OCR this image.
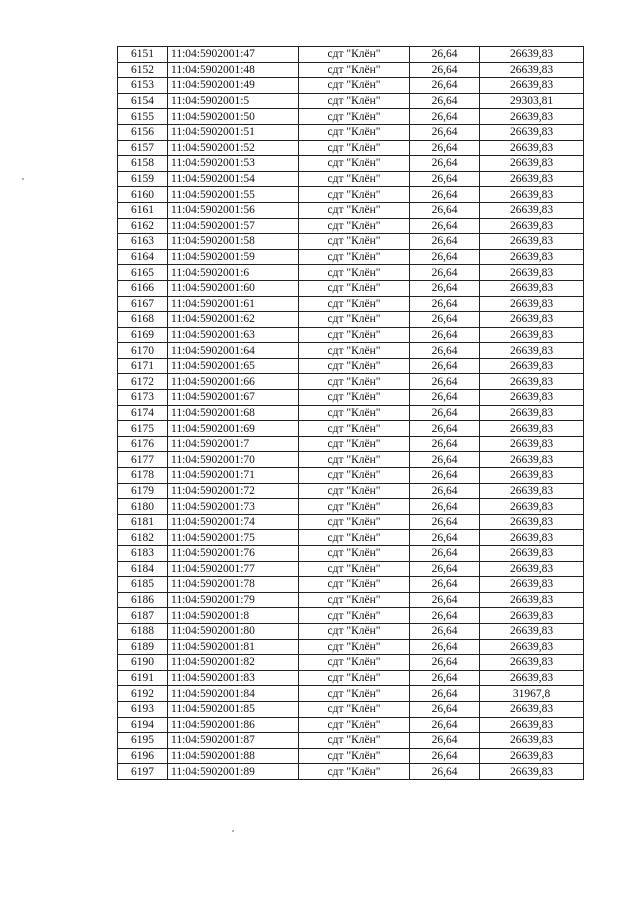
6151	11:04:5902001:47	сдт "Клён"	26,64	26639,83
6152	11:04:5902001:48	сдт "Клён"	26,64	26639,83
6153	11:04:5902001:49	сдт "Клён"	26,64	26639,83
6154	11:04:5902001:5	сдт "Клён"	26,64	29303,81
6155	11:04:5902001:50	сдт "Клён"	26,64	26639,83
6156	11:04:5902001:51	сдт "Клён"	26,64	26639,83
6157	11:04:5902001:52	сдт "Клён"	26,64	26639,83
6158	11:04:5902001:53	сдт "Клён"	26,64	26639,83
6159	11:04:5902001:54	сдт "Клён"	26,64	26639,83
6160	11:04:5902001:55	сдт "Клён"	26,64	26639,83
6161	11:04:5902001:56	сдт "Клён"	26,64	26639,83
6162	11:04:5902001:57	сдт "Клён"	26,64	26639,83
6163	11:04:5902001:58	сдт "Клён"	26,64	26639,83
6164	11:04:5902001:59	сдт "Клён"	26,64	26639,83
6165	11:04:5902001:6	сдт "Клён"	26,64	26639,83
6166	11:04:5902001:60	сдт "Клён"	26,64	26639,83
6167	11:04:5902001:61	сдт "Клён"	26,64	26639,83
6168	11:04:5902001:62	сдт "Клён"	26,64	26639,83
6169	11:04:5902001:63	сдт "Клён"	26,64	26639,83
6170	11:04:5902001:64	сдт "Клён"	26,64	26639,83
6171	11:04:5902001:65	сдт "Клён"	26,64	26639,83
6172	11:04:5902001:66	сдт "Клён"	26,64	26639,83
6173	11:04:5902001:67	сдт "Клён"	26,64	26639,83
6174	11:04:5902001:68	сдт "Клён"	26,64	26639,83
6175	11:04:5902001:69	сдт "Клён"	26,64	26639,83
6176	11:04:5902001:7	сдт "Клён"	26,64	26639,83
6177	11:04:5902001:70	сдт "Клён"	26,64	26639,83
6178	11:04:5902001:71	сдт "Клён"	26,64	26639,83
6179	11:04:5902001:72	сдт "Клён"	26,64	26639,83
6180	11:04:5902001:73	сдт "Клён"	26,64	26639,83
6181	11:04:5902001:74	сдт "Клён"	26,64	26639,83
6182	11:04:5902001:75	сдт "Клён"	26,64	26639,83
6183	11:04:5902001:76	сдт "Клён"	26,64	26639,83
6184	11:04:5902001:77	сдт "Клён"	26,64	26639,83
6185	11:04:5902001:78	сдт "Клён"	26,64	26639,83
6186	11:04:5902001:79	сдт "Клён"	26,64	26639,83
6187	11:04:5902001:8	сдт "Клён"	26,64	26639,83
6188	11:04:5902001:80	сдт "Клён"	26,64	26639,83
6189	11:04:5902001:81	сдт "Клён"	26,64	26639,83
6190	11:04:5902001:82	сдт "Клён"	26,64	26639,83
6191	11:04:5902001:83	сдт "Клён"	26,64	26639,83
6192	11:04:5902001:84	сдт "Клён"	26,64	31967,8
6193	11:04:5902001:85	сдт "Клён"	26,64	26639,83
6194	11:04:5902001:86	сдт "Клён"	26,64	26639,83
6195	11:04:5902001:87	сдт "Клён"	26,64	26639,83
6196	11:04:5902001:88	сдт "Клён"	26,64	26639,83
6197	11:04:5902001:89	сдт "Клён"	26,64	26639,83
